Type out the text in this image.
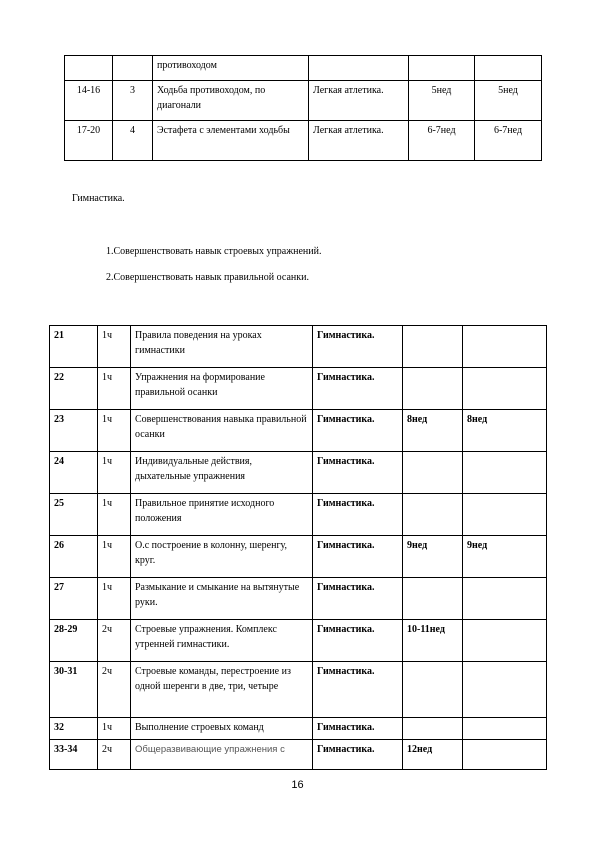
		противоходом			
14-16	3	Ходьба противоходом, по диагонали	Легкая атлетика.	5нед	5нед
17-20	4	Эстафета с элементами ходьбы	Легкая атлетика.	6-7нед	6-7нед
Гимнастика.
1.Совершенствовать навык строевых упражнений.
2.Совершенствовать навык правильной осанки.
21	1ч	Правила поведения на уроках гимнастики	Гимнастика.		
22	1ч	Упражнения на формирование правильной осанки	Гимнастика.		
23	1ч	Совершенствования навыка правильной осанки	Гимнастика.	8нед	8нед
24	1ч	Индивидуальные действия, дыхательные упражнения	Гимнастика.		
25	1ч	Правильное принятие исходного положения	Гимнастика.		
26	1ч	О.с построение в колонну, шеренгу, круг.	Гимнастика.	9нед	9нед
27	1ч	Размыкание и смыкание на вытянутые руки.	Гимнастика.		
28-29	2ч	Строевые упражнения. Комплекс утренней гимнастики.	Гимнастика.	10-11нед	
30-31	2ч	Строевые команды, перестроение из одной шеренги в две, три, четыре	Гимнастика.		
32	1ч	Выполнение строевых команд	Гимнастика.		
33-34	2ч	Общеразвивающие упражнения с	Гимнастика.	12нед	
16
